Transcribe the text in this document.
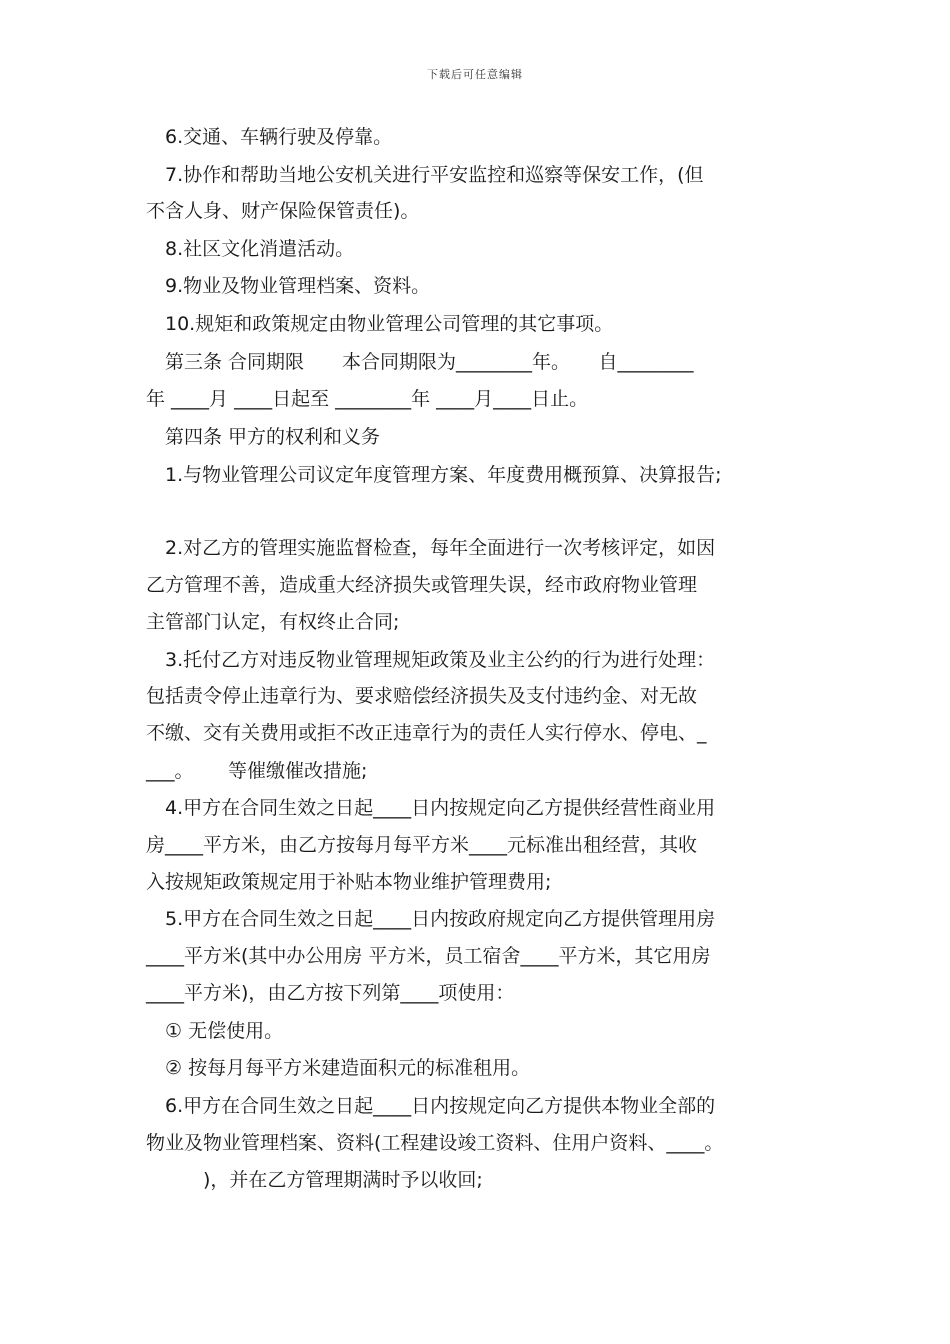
下载后可任意编辑
　6.交通、车辆行驶及停靠。
　7.协作和帮助当地公安机关进行平安监控和巡察等保安工作，(但
不含人身、财产保险保管责任)。
　8.社区文化消遣活动。
　9.物业及物业管理档案、资料。
　10.规矩和政策规定由物业管理公司管理的其它事项。
　第三条 合同期限　　本合同期限为________年。　　自________
年 ____月 ____日起至 ________年 ____月____日止。
　第四条 甲方的权利和义务
　1.与物业管理公司议定年度管理方案、年度费用概预算、决算报告;
　2.对乙方的管理实施监督检查，每年全面进行一次考核评定，如因
乙方管理不善，造成重大经济损失或管理失误，经市政府物业管理
主管部门认定，有权终止合同;
　3.托付乙方对违反物业管理规矩政策及业主公约的行为进行处理：
包括责令停止违章行为、要求赔偿经济损失及支付违约金、对无故
不缴、交有关费用或拒不改正违章行为的责任人实行停水、停电、_
___。　　 等催缴催改措施;
　4.甲方在合同生效之日起____日内按规定向乙方提供经营性商业用
房____平方米，由乙方按每月每平方米____元标准出租经营，其收
入按规矩政策规定用于补贴本物业维护管理费用;
　5.甲方在合同生效之日起____日内按政府规定向乙方提供管理用房
____平方米(其中办公用房 平方米，员工宿舍____平方米，其它用房
____平方米)，由乙方按下列第____项使用：
　① 无偿使用。
　② 按每月每平方米建造面积元的标准租用。
　6.甲方在合同生效之日起____日内按规定向乙方提供本物业全部的
物业及物业管理档案、资料(工程建设竣工资料、住用户资料、____。
　　　)，并在乙方管理期满时予以收回;
